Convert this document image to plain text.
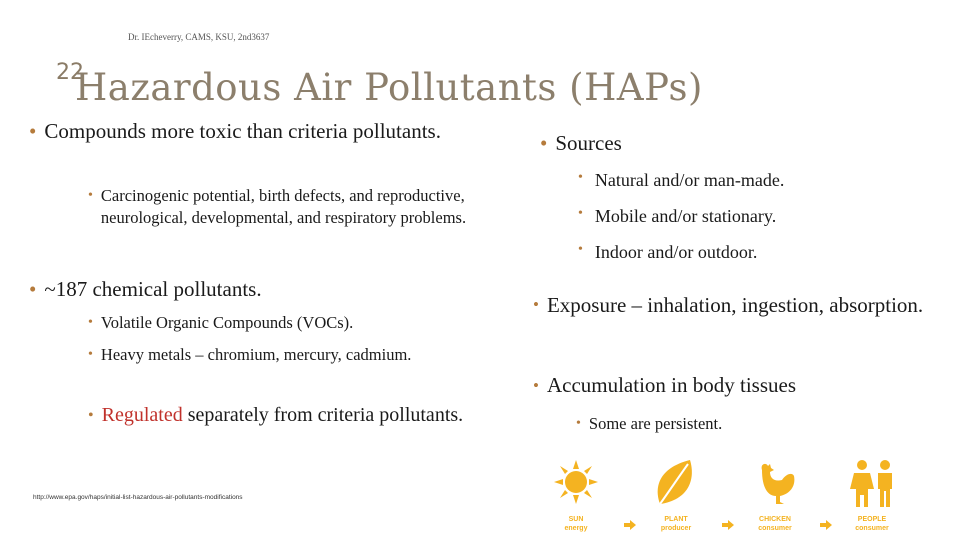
Dr. IEcheverry, CAMS, KSU, 2nd3637
22
Hazardous Air Pollutants (HAPs)
• Compounds more toxic than criteria pollutants.
• Carcinogenic potential, birth defects, and reproductive, neurological, developmental, and respiratory problems.
• ~187 chemical pollutants.
• Volatile Organic Compounds (VOCs).
• Heavy metals – chromium, mercury, cadmium.
• Regulated separately from criteria pollutants.
• Sources
• Natural and/or man-made.
• Mobile and/or stationary.
• Indoor and/or outdoor.
• Exposure – inhalation, ingestion, absorption.
• Accumulation in body tissues
• Some are persistent.
http://www.epa.gov/haps/initial-list-hazardous-air-pollutants-modifications
SUN
energy
PLANT
producer
CHICKEN
consumer
PEOPLE
consumer
